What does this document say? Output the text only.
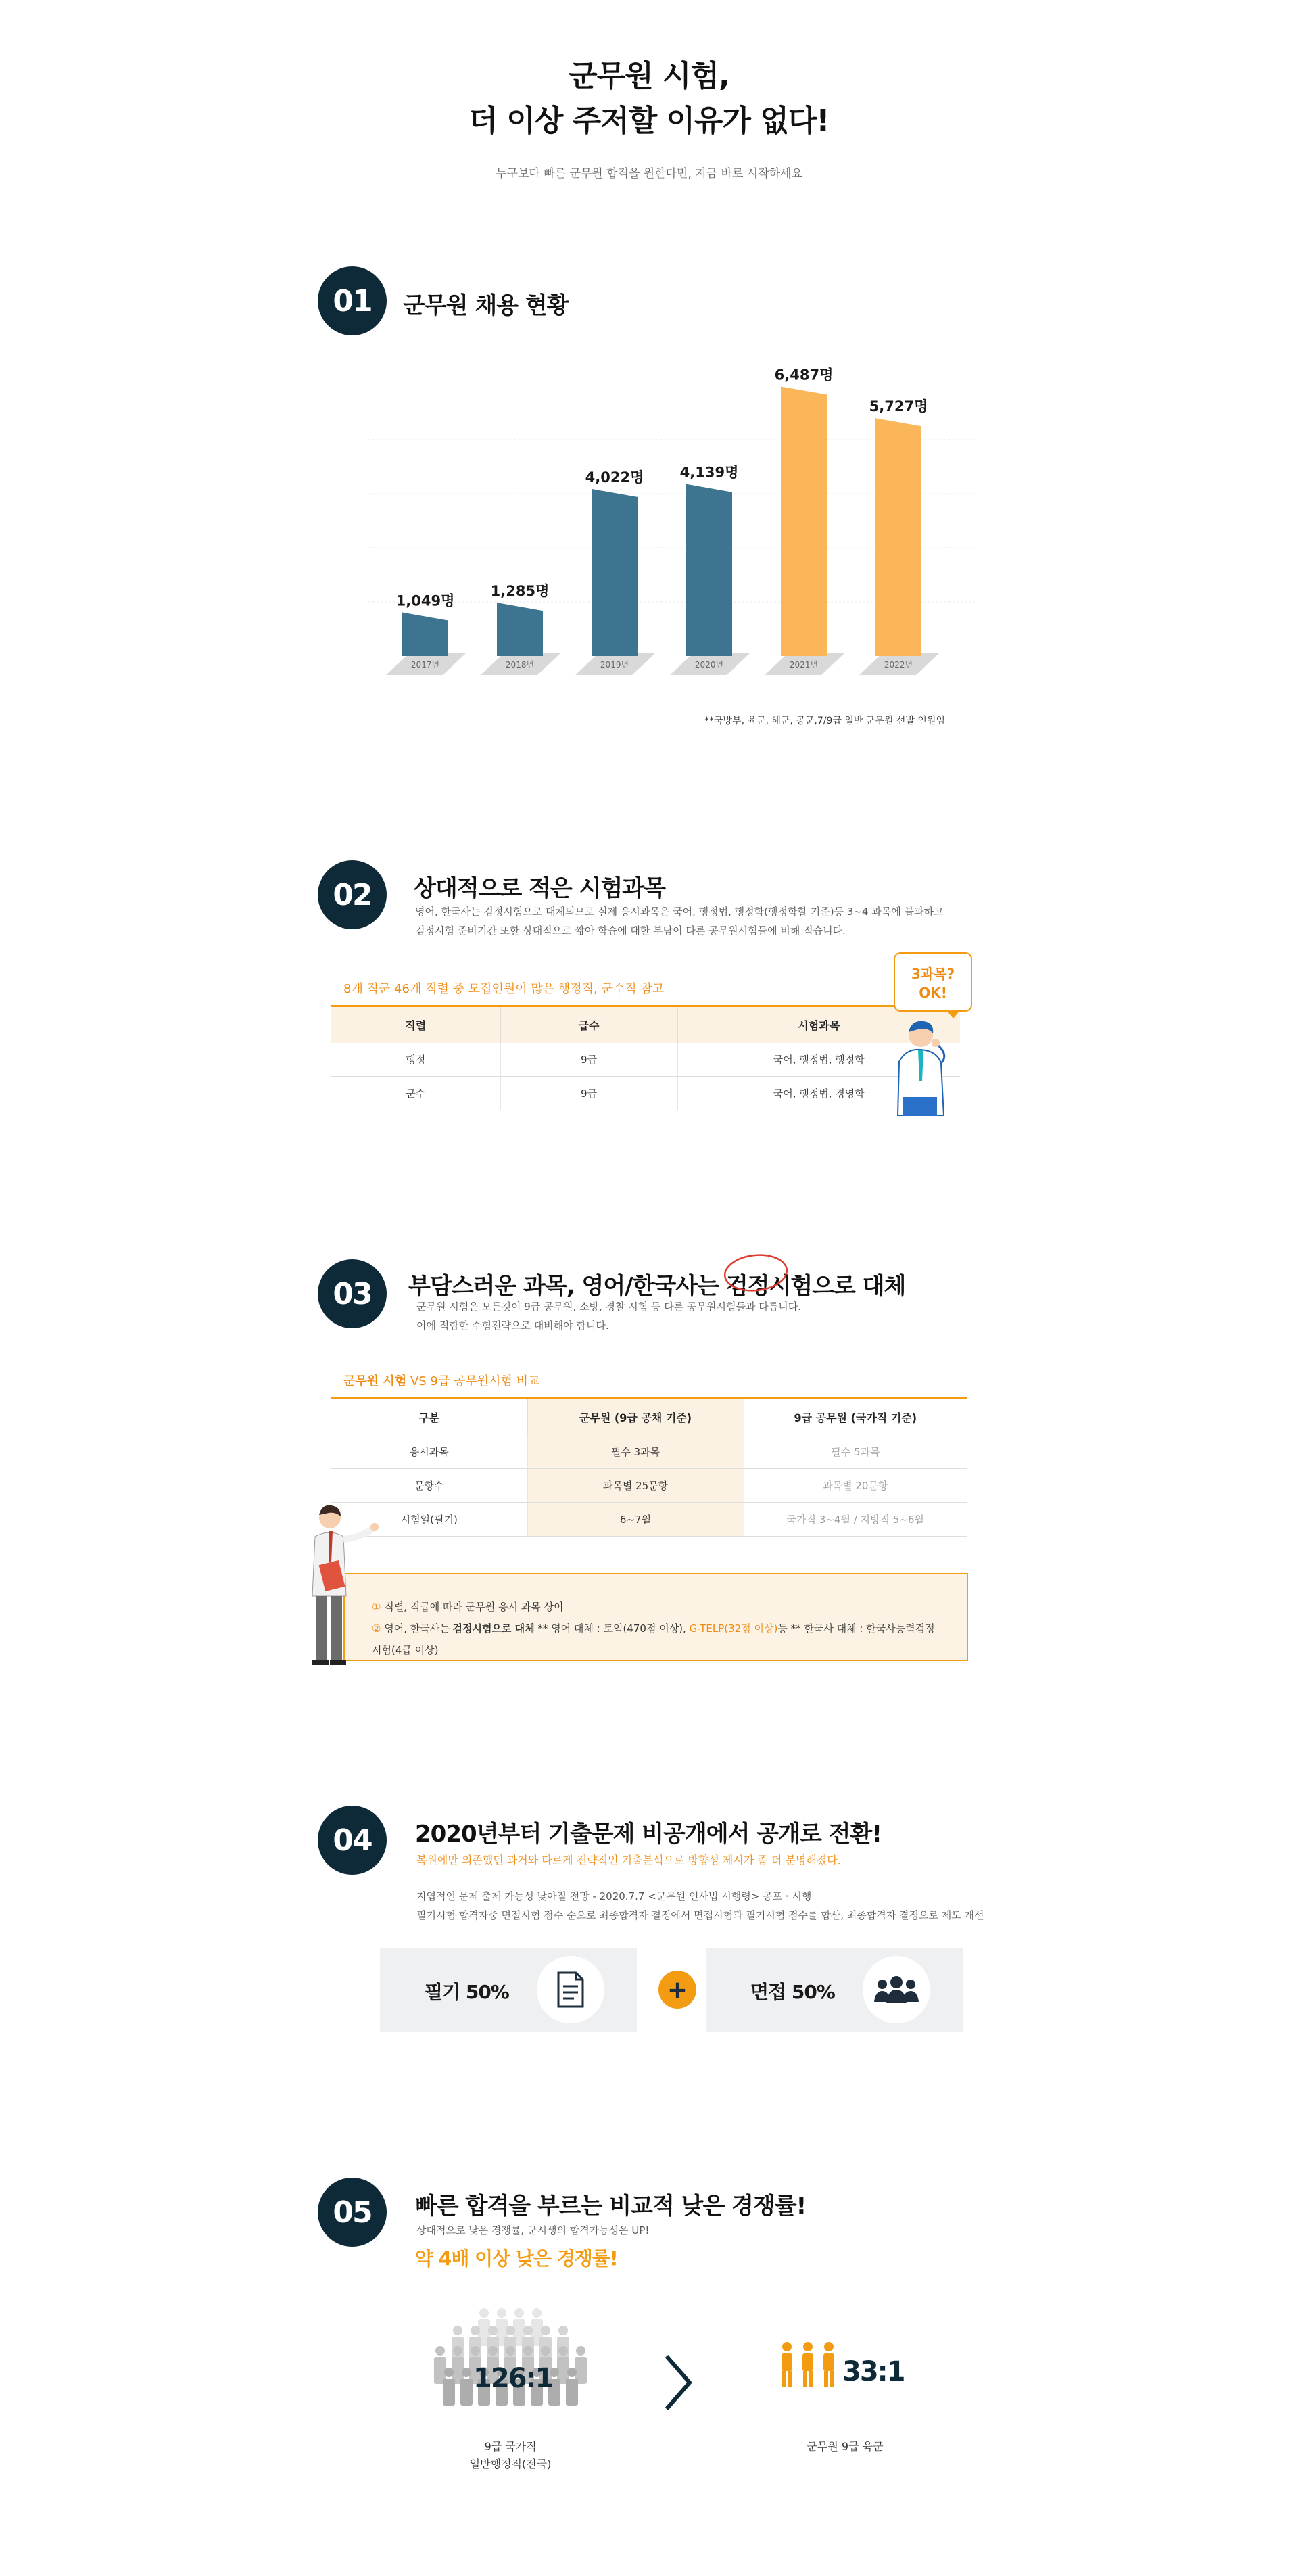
군무원 시험,
더 이상 주저할 이유가 없다!
누구보다 빠른 군무원 합격을 원한다면, 지금 바로 시작하세요
01	군무원 채용 현황
1,049명
2017년
1,285명
2018년
4,022명
2019년
4,139명
2020년
6,487명
2021년
5,727명
2022년
**국방부, 육군, 해군, 공군,7/9급 일반 군무원 선발 인원임
02	상대적으로 적은 시험과목
영어, 한국사는 검정시험으로 대체되므로 실제 응시과목은 국어, 행정법, 행정학(행정학할 기준)등 3~4 과목에 불과하고
검정시험 준비기간 또한 상대적으로 짧아 학습에 대한 부담이 다른 공무원시험들에 비해 적습니다.
8개 직군 46개 직렬 중 모집인원이 많은 행정직, 군수직 참고
직렬	급수	시험과목
행정	9급	국어, 행정법, 행정학
군수	9급	국어, 행정법, 경영학
3과목?
OK!
03	부담스러운 과목, 영어/한국사는 검정시험으로 대체
군무원 시험은 모든것이 9급 공무원, 소방, 경찰 시험 등 다른 공무원시험들과 다릅니다.
이에 적합한 수험전략으로 대비해야 합니다.
군무원 시험 VS 9급 공무원시험 비교
구분	군무원 (9급 공채 기준)	9급 공무원 (국가직 기준)
응시과목	필수 3과목	필수 5과목
문항수	과목별 25문항	과목별 20문항
시험일(필기)	6~7월	국가직 3~4월 / 지방직 5~6월
① 직렬, 직급에 따라 군무원 응시 과목 상이
② 영어, 한국사는 검정시험으로 대체 ** 영어 대체 : 토익(470점 이상), G-TELP(32점 이상)등 ** 한국사 대체 : 한국사능력검정시험(4급 이상)
04	2020년부터 기출문제 비공개에서 공개로 전환!
복원에만 의존했던 과거와 다르게 전략적인 기출분석으로 방향성 제시가 좀 더 분명해졌다.
지엽적인 문제 출제 가능성 낮아질 전망 - 2020.7.7 <군무원 인사법 시행령> 공포 · 시행
필기시험 합격자중 면접시험 점수 순으로 최종합격자 결정에서 면접시험과 필기시험 점수를 합산, 최종합격자 결정으로 제도 개선
필기 50%	+	면접 50%
05	빠른 합격을 부르는 비교적 낮은 경쟁률!
상대적으로 낮은 경쟁률, 군시생의 합격가능성은 UP!
약 4배 이상 낮은 경쟁률!
126:1
9급 국가직
일반행정직(전국)
33:1
군무원 9급 육군
